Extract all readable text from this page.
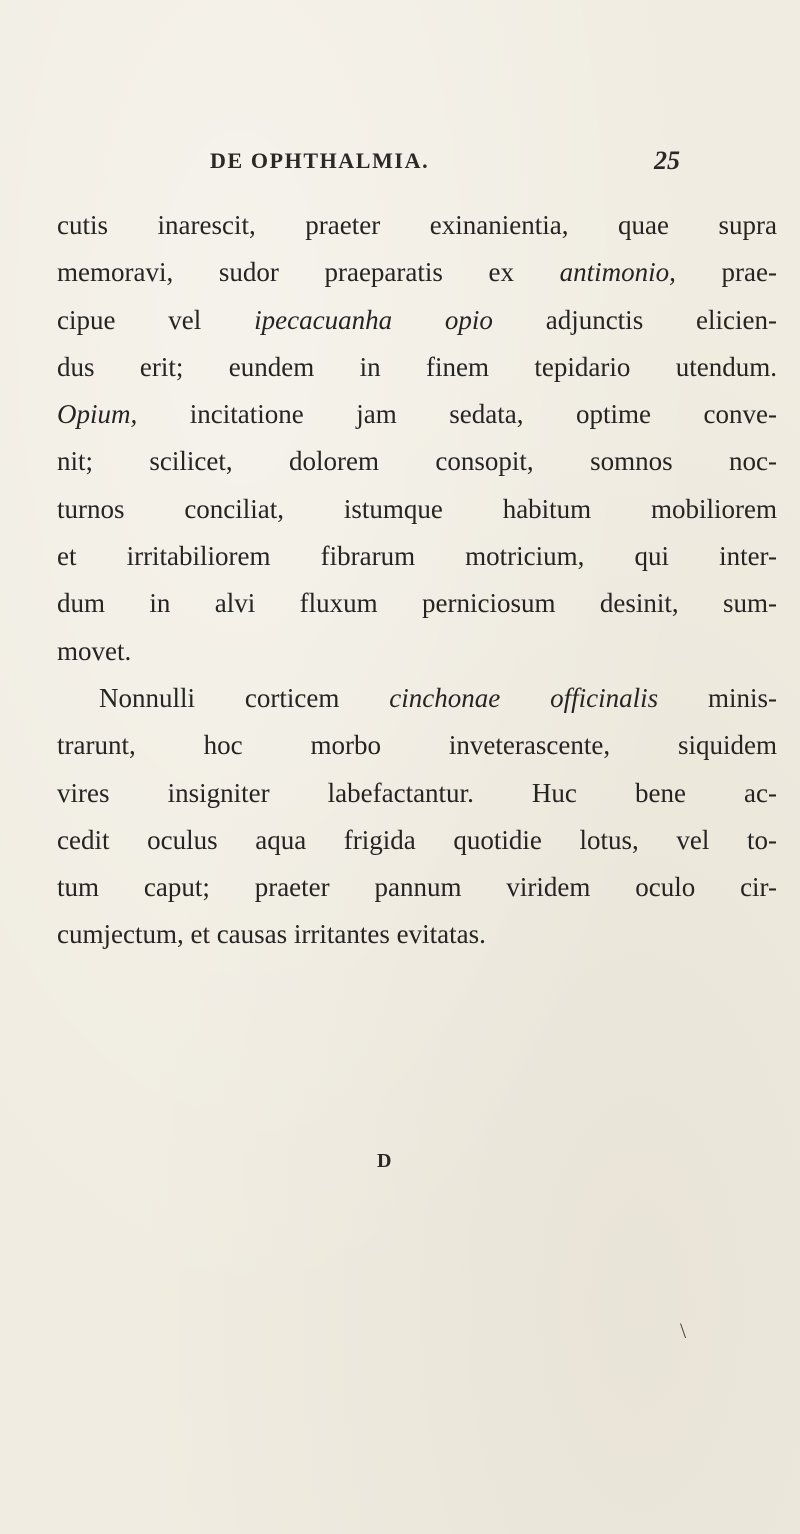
DE OPHTHALMIA.	25
cutis inarescit, praeter exinanientia, quae supra
memoravi, sudor praeparatis ex antimonio, prae-
cipue vel ipecacuanha opio adjunctis elicien-
dus erit; eundem in finem tepidario utendum.
Opium, incitatione jam sedata, optime conve-
nit; scilicet, dolorem consopit, somnos noc-
turnos conciliat, istumque habitum mobiliorem
et irritabiliorem fibrarum motricium, qui inter-
dum in alvi fluxum perniciosum desinit, sum-
movet.
Nonnulli corticem cinchonae officinalis minis-
trarunt, hoc morbo inveterascente, siquidem
vires insigniter labefactantur. Huc bene ac-
cedit oculus aqua frigida quotidie lotus, vel to-
tum caput; praeter pannum viridem oculo cir-
cumjectum, et causas irritantes evitatas.
D
\
